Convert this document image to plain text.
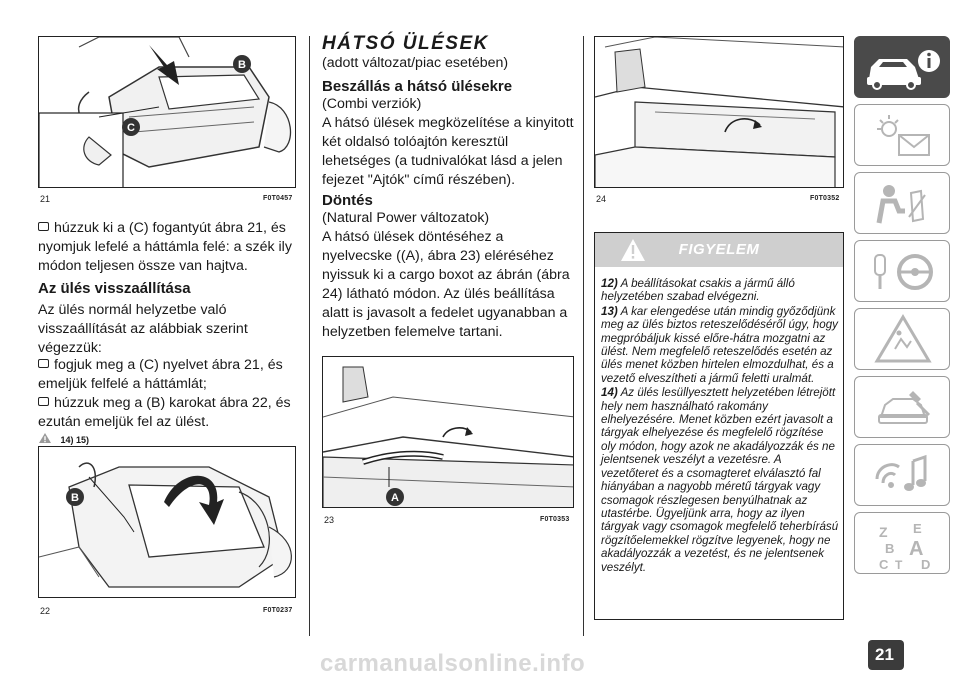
B
C
21	F0T0457
húzzuk ki a (C) fogantyút ábra 21, és nyomjuk lefelé a háttámla felé: a szék ily módon teljesen össze van hajtva.
Az ülés visszaállítása
Az ülés normál helyzetbe való visszaállítását az alábbiak szerint végezzük:
fogjuk meg a (C) nyelvet ábra 21, és emeljük felfelé a háttámlát;
húzzuk meg a (B) karokat ábra 22, és ezután emeljük fel az ülést.
14) 15)
B
22	F0T0237
HÁTSÓ ÜLÉSEK
(adott változat/piac esetében)
Beszállás a hátsó ülésekre
(Combi verziók)
A hátsó ülések megközelítése a kinyitott két oldalsó tolóajtón keresztül lehetséges (a tudnivalókat lásd a jelen fejezet "Ajtók" című részében).
Döntés
(Natural Power változatok)
A hátsó ülések döntéséhez a nyelvecske ((A), ábra 23) eléréséhez nyissuk ki a cargo boxot az ábrán (ábra 24) látható módon. Az ülés beállítása alatt is javasolt a fedelet ugyanabban a helyzetben felemelve tartani.
A
23	F0T0353
24	F0T0352
FIGYELEM
12) A beállításokat csakis a jármű álló helyzetében szabad elvégezni.
13) A kar elengedése után mindig győződjünk meg az ülés biztos reteszelődéséről úgy, hogy megpróbáljuk kissé előre-hátra mozgatni az ülést. Nem megfelelő reteszelődés esetén az ülés menet közben hirtelen elmozdulhat, és a vezető elveszítheti a jármű feletti uralmát.
14) Az ülés lesüllyesztett helyzetében létrejött hely nem használható rakomány elhelyezésére. Menet közben ezért javasolt a tárgyak elhelyezése és megfelelő rögzítése oly módon, hogy azok ne akadályozzák és ne jelentsenek veszélyt a vezetésre. A vezetőteret és a csomagteret elválasztó fal hiányában a nagyobb méretű tárgyak vagy csomagok részlegesen benyúlhatnak az utastérbe. Ügyeljünk arra, hogy az ilyen tárgyak vagy csomagok megfelelő teherbírású rögzítőelemekkel rögzítve legyenek, hogy ne akadályozzák a vezetést, és ne jelentsenek veszélyt.
Z E
B A
C T D
21
carmanualsonline.info
